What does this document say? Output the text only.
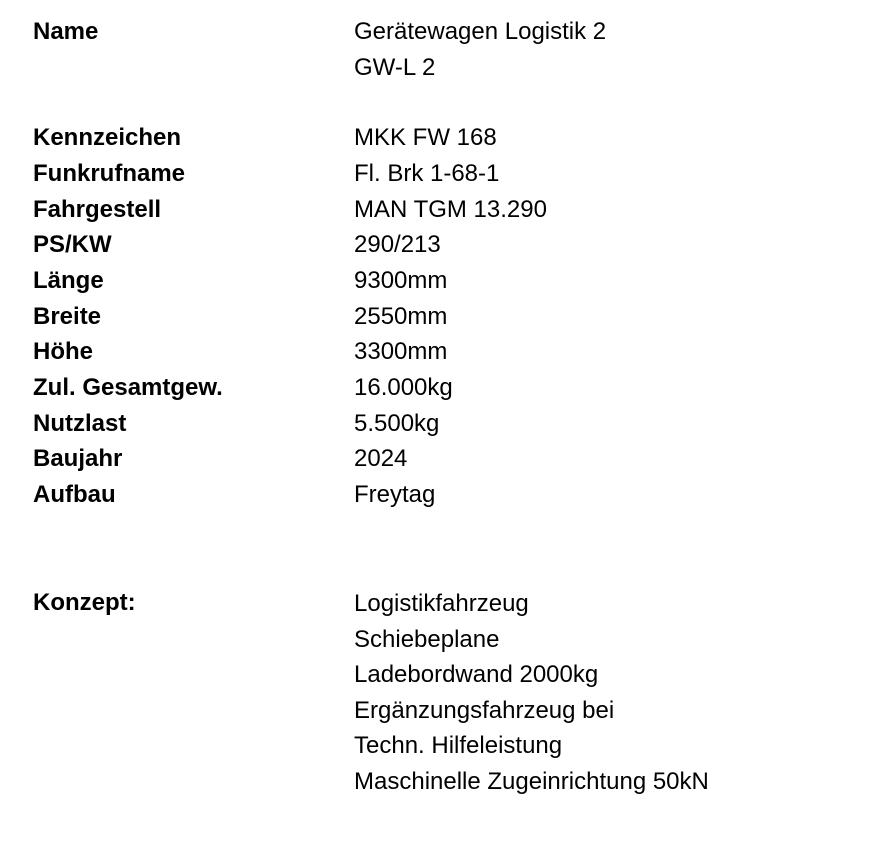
Name	Gerätewagen Logistik 2
GW-L 2
Kennzeichen	MKK FW 168
Funkrufname	Fl. Brk 1-68-1
Fahrgestell	MAN TGM 13.290
PS/KW	290/213
Länge	9300mm
Breite	2550mm
Höhe	3300mm
Zul. Gesamtgew.	16.000kg
Nutzlast	5.500kg
Baujahr	2024
Aufbau	Freytag
Konzept:	Logistikfahrzeug
Schiebeplane
Ladebordwand 2000kg
Ergänzungsfahrzeug bei
Techn. Hilfeleistung
Maschinelle Zugeinrichtung 50kN
